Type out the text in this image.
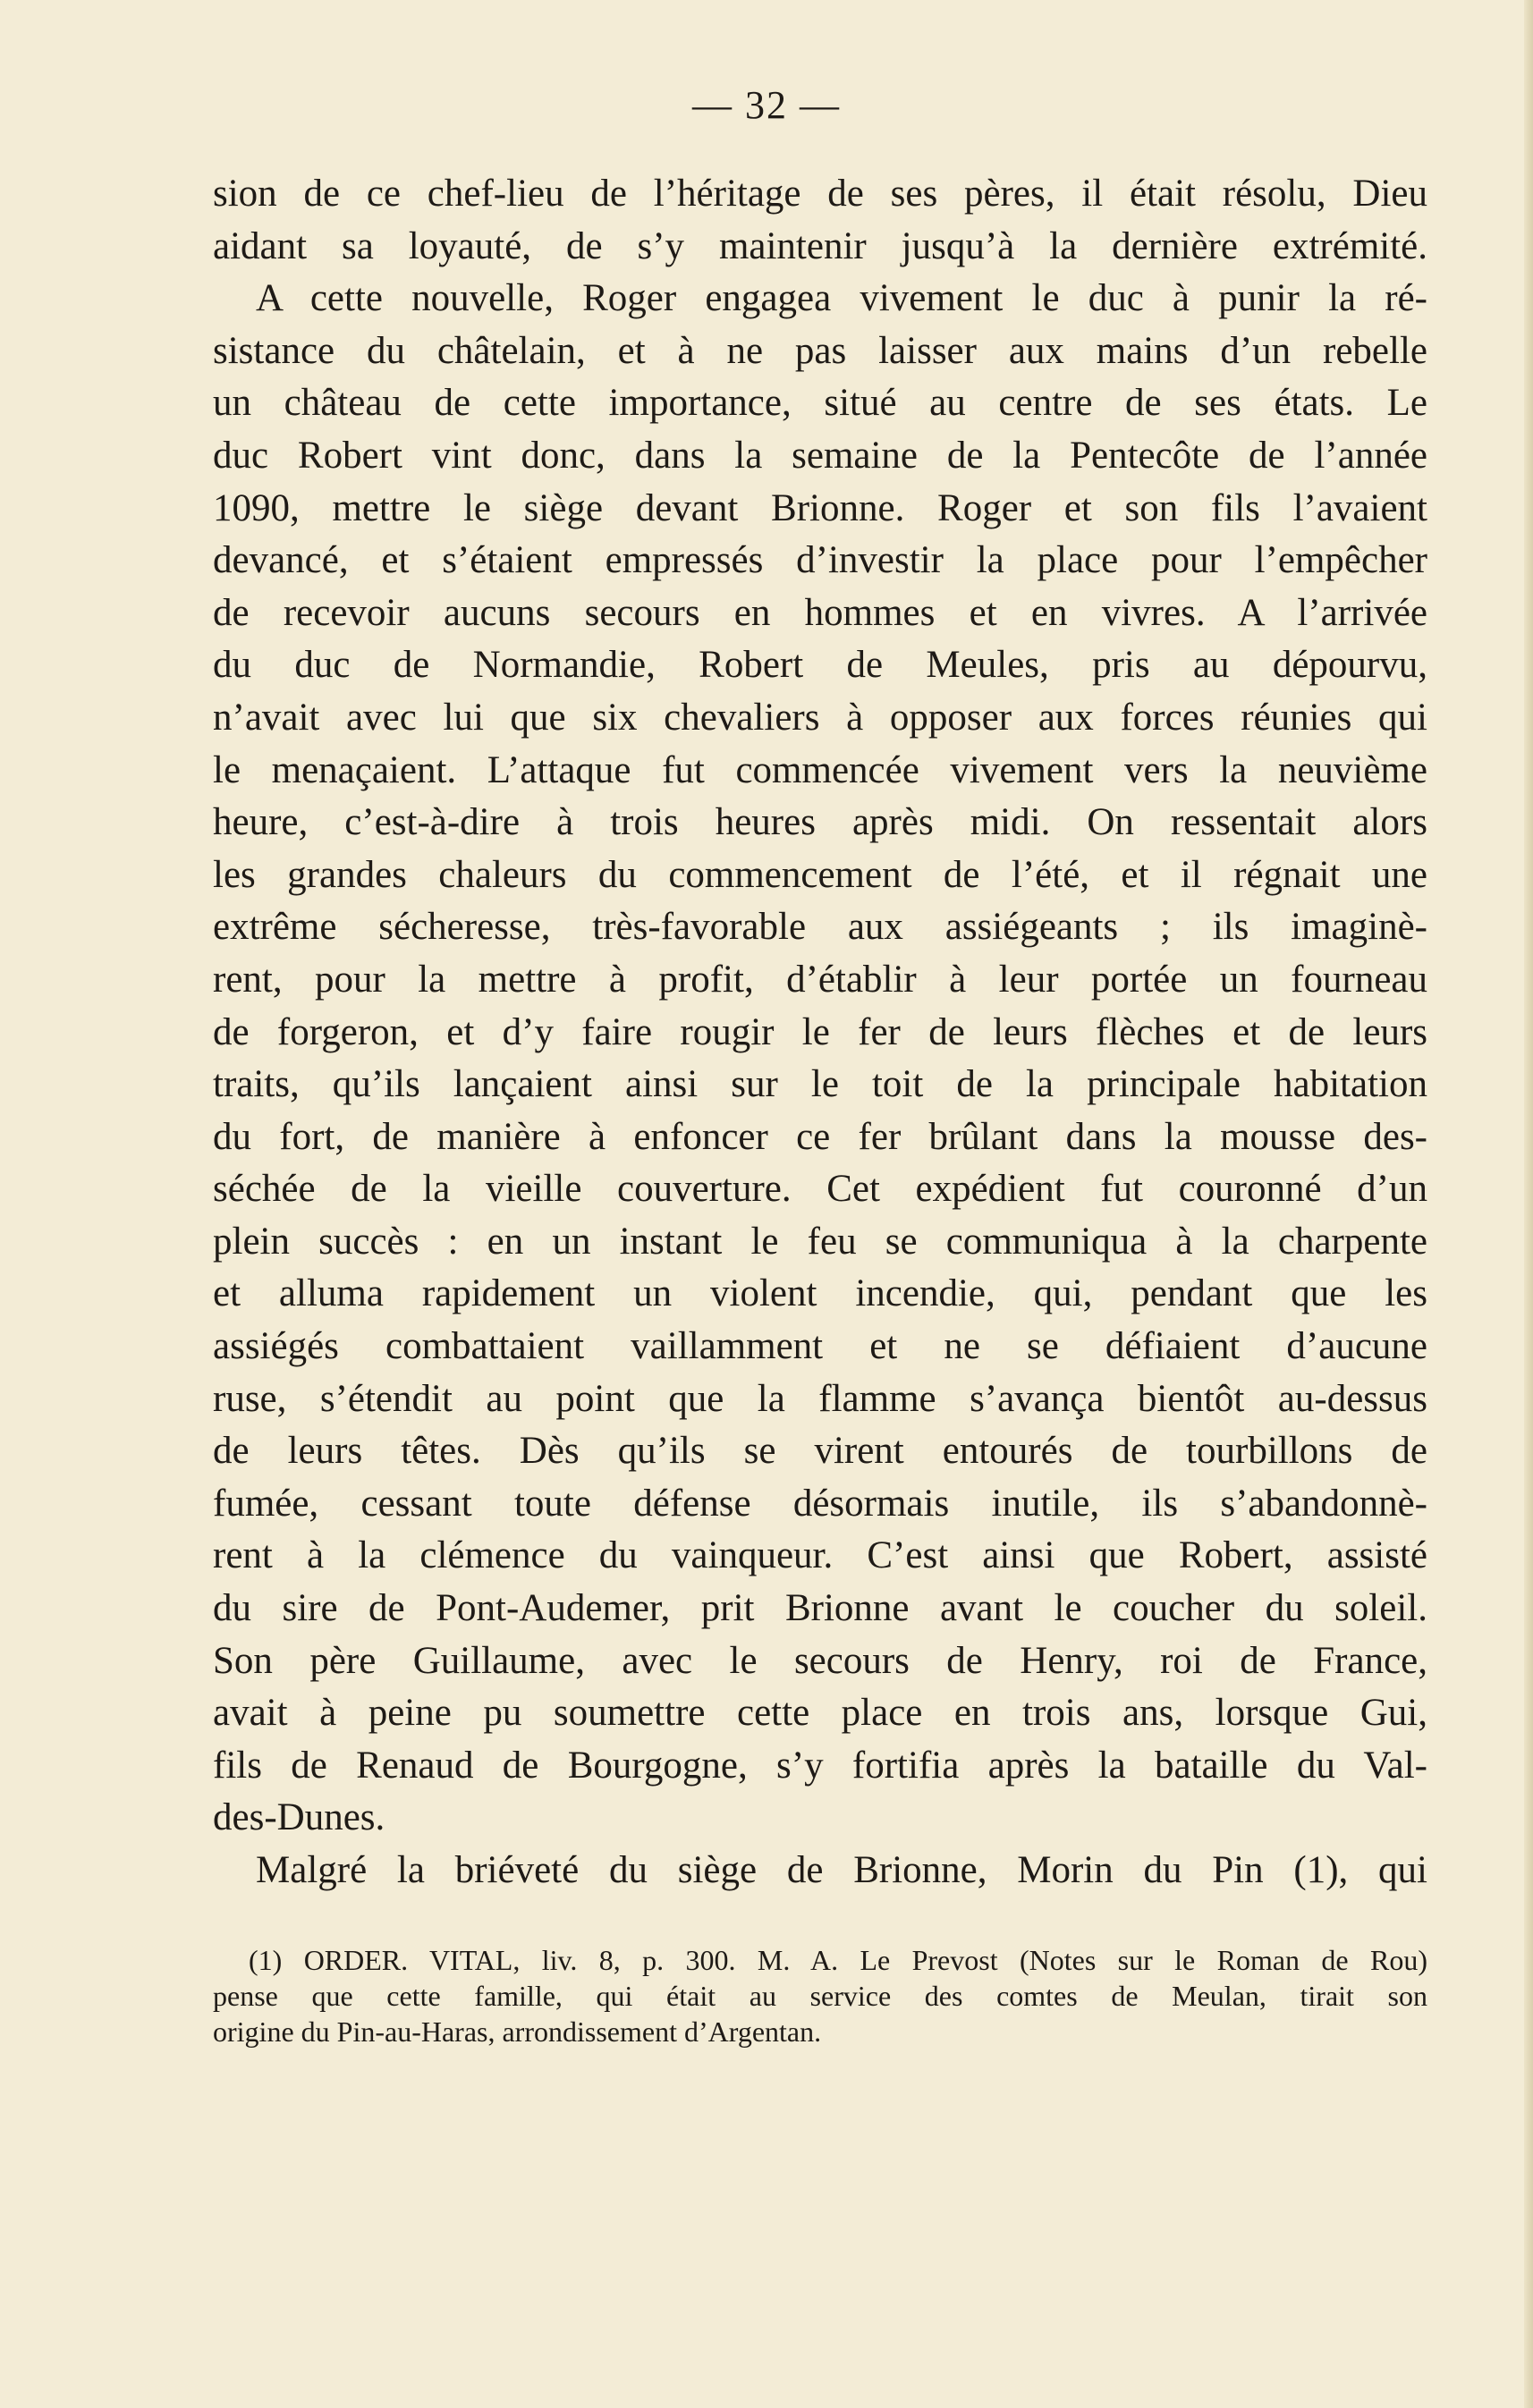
— 32 —
sion de ce chef-lieu de l’héritage de ses pères, il était résolu, Dieu
aidant sa loyauté, de s’y maintenir jusqu’à la dernière extrémité.
A cette nouvelle, Roger engagea vivement le duc à punir la ré-
sistance du châtelain, et à ne pas laisser aux mains d’un rebelle
un château de cette importance, situé au centre de ses états. Le
duc Robert vint donc, dans la semaine de la Pentecôte de l’année
1090, mettre le siège devant Brionne. Roger et son fils l’avaient
devancé, et s’étaient empressés d’investir la place pour l’empêcher
de recevoir aucuns secours en hommes et en vivres. A l’arrivée
du duc de Normandie, Robert de Meules, pris au dépourvu,
n’avait avec lui que six chevaliers à opposer aux forces réunies qui
le menaçaient. L’attaque fut commencée vivement vers la neuvième
heure, c’est-à-dire à trois heures après midi. On ressentait alors
les grandes chaleurs du commencement de l’été, et il régnait une
extrême sécheresse, très-favorable aux assiégeants ; ils imaginè-
rent, pour la mettre à profit, d’établir à leur portée un fourneau
de forgeron, et d’y faire rougir le fer de leurs flèches et de leurs
traits, qu’ils lançaient ainsi sur le toit de la principale habitation
du fort, de manière à enfoncer ce fer brûlant dans la mousse des-
séchée de la vieille couverture. Cet expédient fut couronné d’un
plein succès : en un instant le feu se communiqua à la charpente
et alluma rapidement un violent incendie, qui, pendant que les
assiégés combattaient vaillamment et ne se défiaient d’aucune
ruse, s’étendit au point que la flamme s’avança bientôt au-dessus
de leurs têtes. Dès qu’ils se virent entourés de tourbillons de
fumée, cessant toute défense désormais inutile, ils s’abandonnè-
rent à la clémence du vainqueur. C’est ainsi que Robert, assisté
du sire de Pont-Audemer, prit Brionne avant le coucher du soleil.
Son père Guillaume, avec le secours de Henry, roi de France,
avait à peine pu soumettre cette place en trois ans, lorsque Gui,
fils de Renaud de Bourgogne, s’y fortifia après la bataille du Val-
des-Dunes.
Malgré la briéveté du siège de Brionne, Morin du Pin (1), qui
(1) ORDER. VITAL, liv. 8, p. 300. M. A. Le Prevost (Notes sur le Roman de Rou)
pense que cette famille, qui était au service des comtes de Meulan, tirait son
origine du Pin-au-Haras, arrondissement d’Argentan.
